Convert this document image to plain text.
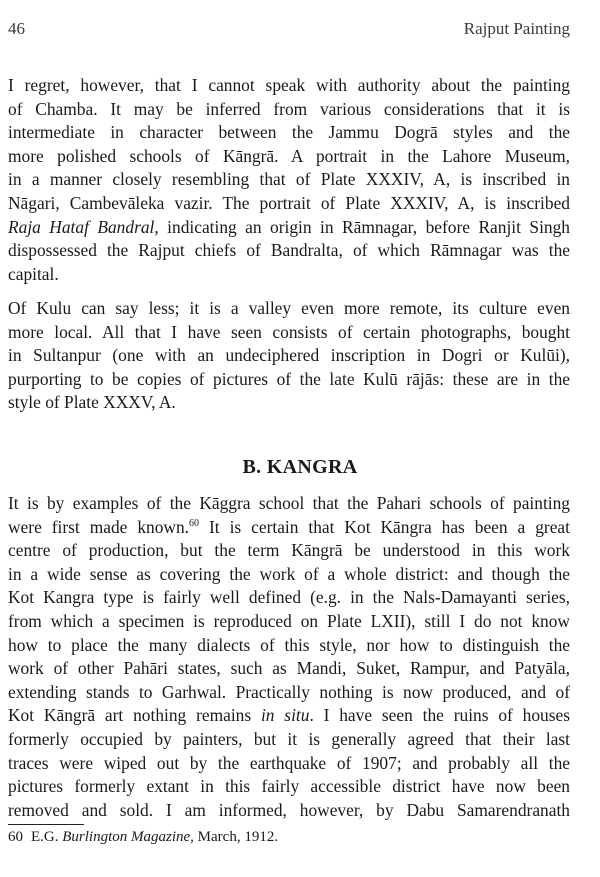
46	Rajput Painting

I regret, however, that I cannot speak with authority about the painting
of Chamba. It may be inferred from various considerations that it is
intermediate in character between the Jammu Dogrā styles and the
more polished schools of Kāngrā. A portrait in the Lahore Museum,
in a manner closely resembling that of Plate XXXIV, A, is inscribed in
Nāgari, Cambevāleka vazir. The portrait of Plate XXXIV, A, is inscribed
Raja Hataf Bandral, indicating an origin in Rāmnagar, before Ranjit Singh
dispossessed the Rajput chiefs of Bandralta, of which Rāmnagar was the
capital.

Of Kulu can say less; it is a valley even more remote, its culture even
more local. All that I have seen consists of certain photographs, bought
in Sultanpur (one with an undeciphered inscription in Dogri or Kulūi),
purporting to be copies of pictures of the late Kulū rājās: these are in the
style of Plate XXXV, A.

B. KANGRA

It is by examples of the Kāggra school that the Pahari schools of painting
were first made known.$^{60}$ It is certain that Kot Kāngra has been a great
centre of production, but the term Kāngrā be understood in this work
in a wide sense as covering the work of a whole district: and though the
Kot Kangra type is fairly well defined (e.g. in the Nals-Damayanti series,
from which a specimen is reproduced on Plate LXII), still I do not know
how to place the many dialects of this style, nor how to distinguish the
work of other Pahāri states, such as Mandi, Suket, Rampur, and Patyāla,
extending stands to Garhwal. Practically nothing is now produced, and of
Kot Kāngrā art nothing remains in situ. I have seen the ruins of houses
formerly occupied by painters, but it is generally agreed that their last
traces were wiped out by the earthquake of 1907; and probably all the
pictures formerly extant in this fairly accessible district have now been
removed and sold. I am informed, however, by Dabu Samarendranath

60 E.G. Burlington Magazine, March, 1912.
